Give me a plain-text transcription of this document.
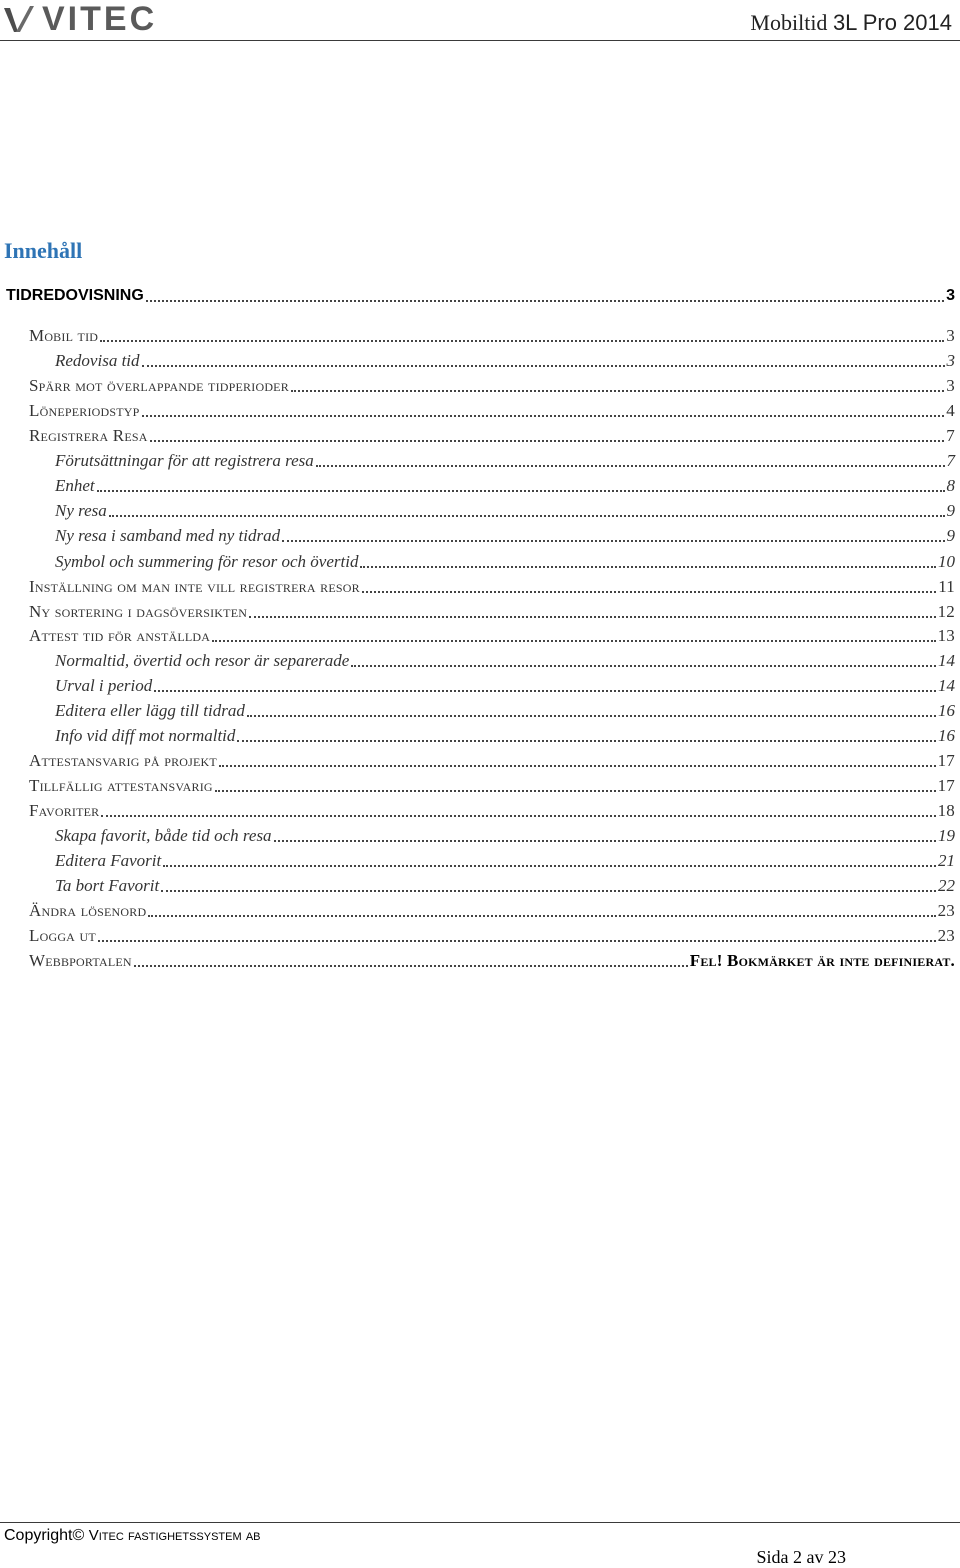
VITEC	Mobiltid 3L Pro 2014
Innehåll
TIDREDOVISNING	3
Mobil tid	3
Redovisa tid	3
Spärr mot överlappande tidperioder	3
Löneperiodstyp	4
Registrera Resa	7
Förutsättningar för att registrera resa	7
Enhet	8
Ny resa	9
Ny resa i samband med ny tidrad	9
Symbol och summering för resor och övertid	10
Inställning om man inte vill registrera resor	11
Ny sortering i dagsöversikten	12
Attest tid för anställda	13
Normaltid, övertid och resor är separerade	14
Urval i period	14
Editera eller lägg till tidrad	16
Info vid diff mot normaltid	16
Attestansvarig på projekt	17
Tillfällig attestansvarig	17
Favoriter	18
Skapa favorit, både tid och resa	19
Editera Favorit	21
Ta bort Favorit	22
Ändra lösenord	23
Logga ut	23
Webbportalen	Fel! Bokmärket är inte definierat.
Copyright© Vitec fastighetssystem ab
Sida 2 av 23
